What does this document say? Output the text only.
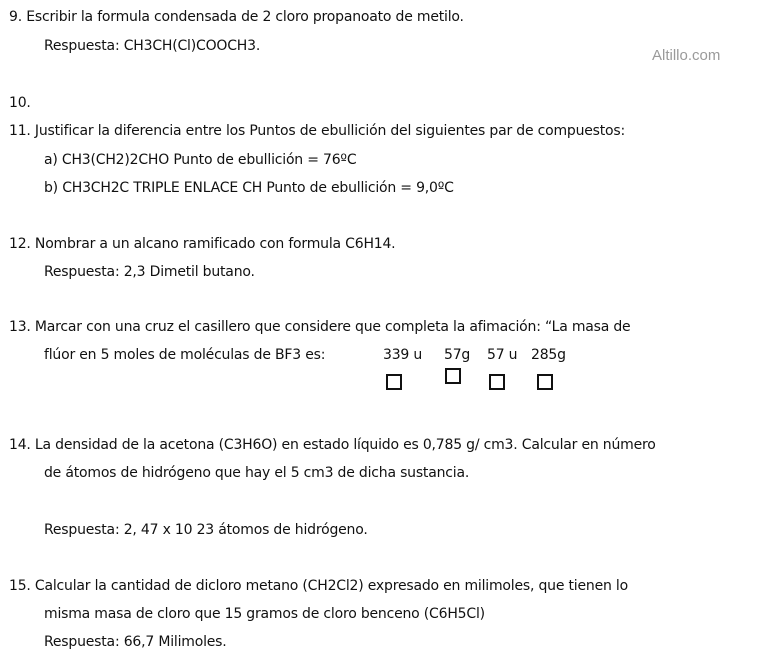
Altillo.com
9. Escribir la formula condensada de 2 cloro propanoato de metilo.
Respuesta: CH3CH(Cl)COOCH3.
10.
11. Justificar la diferencia entre los Puntos de ebullición del siguientes par de compuestos:
a) CH3(CH2)2CHO Punto de ebullición = 76ºC
b) CH3CH2C TRIPLE ENLACE CH Punto de ebullición = 9,0ºC
12. Nombrar a un alcano ramificado con formula C6H14.
Respuesta: 2,3 Dimetil butano.
13. Marcar con una cruz el casillero que considere que completa la afimación: “La masa de
flúor en 5 moles de moléculas de BF3 es:	339 u 57g 57 u 285g
14. La densidad de la acetona (C3H6O) en estado líquido es 0,785 g/ cm3. Calcular en número
de átomos de hidrógeno que hay el 5 cm3 de dicha sustancia.
Respuesta: 2, 47 x 10 23 átomos de hidrógeno.
15. Calcular la cantidad de dicloro metano (CH2Cl2) expresado en milimoles, que tienen lo
misma masa de cloro que 15 gramos de cloro benceno (C6H5Cl)
Respuesta: 66,7 Milimoles.
